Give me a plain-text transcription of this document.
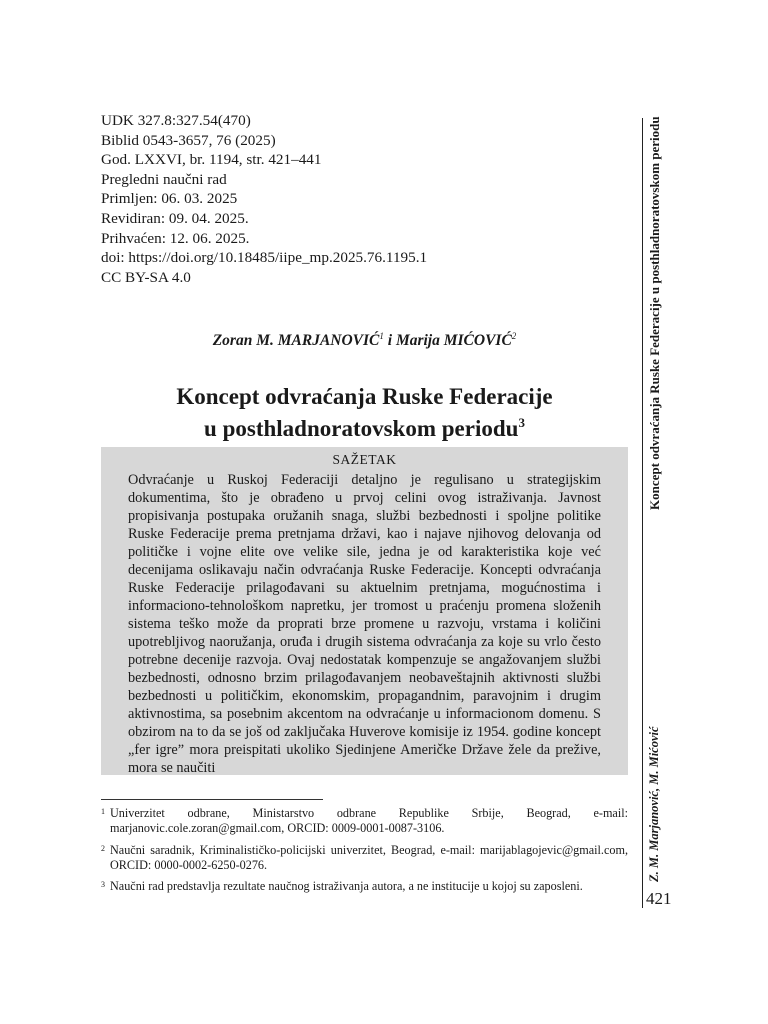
UDK 327.8:327.54(470)
Biblid 0543-3657, 76 (2025)
God. LXXVI, br. 1194, str. 421–441
Pregledni naučni rad
Primljen: 06. 03. 2025
Revidiran: 09. 04. 2025.
Prihvaćen: 12. 06. 2025.
doi: https://doi.org/10.18485/iipe_mp.2025.76.1195.1
CC BY-SA 4.0
Zoran M. MARJANOVIĆ$^1$ i Marija MIĆOVIĆ$^2$
Koncept odvraćanja Ruske Federacije
u posthladnoratovskom periodu$^3$
SAŽETAK
Odvraćanje u Ruskoj Federaciji detaljno je regulisano u strategijskim dokumentima, što je obrađeno u prvoj celini ovog istraživanja. Javnost propisivanja postupaka oružanih snaga, službi bezbednosti i spoljne politike Ruske Federacije prema pretnjama državi, kao i najave njihovog delovanja od političke i vojne elite ove velike sile, jedna je od karakteristika koje već decenijama oslikavaju način odvraćanja Ruske Federacije. Koncepti odvraćanja Ruske Federacije prilagođavani su aktuelnim pretnjama, mogućnostima i informaciono-tehnološkom napretku, jer tromost u praćenju promena složenih sistema teško može da proprati brze promene u razvoju, vrstama i količini upotrebljivog naoružanja, oruđa i drugih sistema odvraćanja za koje su vrlo često potrebne decenije razvoja. Ovaj nedostatak kompenzuje se angažovanjem službi bezbednosti, odnosno brzim prilagođavanjem neobaveštajnih aktivnosti službi bezbednosti u političkim, ekonomskim, propagandnim, paravojnim i drugim aktivnostima, sa posebnim akcentom na odvraćanje u informacionom domenu. S obzirom na to da se još od zaključaka Huverove komisije iz 1954. godine koncept „fer igre” mora preispitati ukoliko Sjedinjene Američke Države žele da prežive, mora se naučiti
1 Univerzitet odbrane, Ministarstvo odbrane Republike Srbije, Beograd, e-mail: marjanovic.cole.zoran@gmail.com, ORCID: 0009-0001-0087-3106.
2 Naučni saradnik, Kriminalističko-policijski univerzitet, Beograd, e-mail: marijablagojevic@gmail.com, ORCID: 0000-0002-6250-0276.
3 Naučni rad predstavlja rezultate naučnog istraživanja autora, a ne institucije u kojoj su zaposleni.
Koncept odvraćanja Ruske Federacije u posthladnoratovskom periodu
Z. M. Marjanović, M. Mićović
421
